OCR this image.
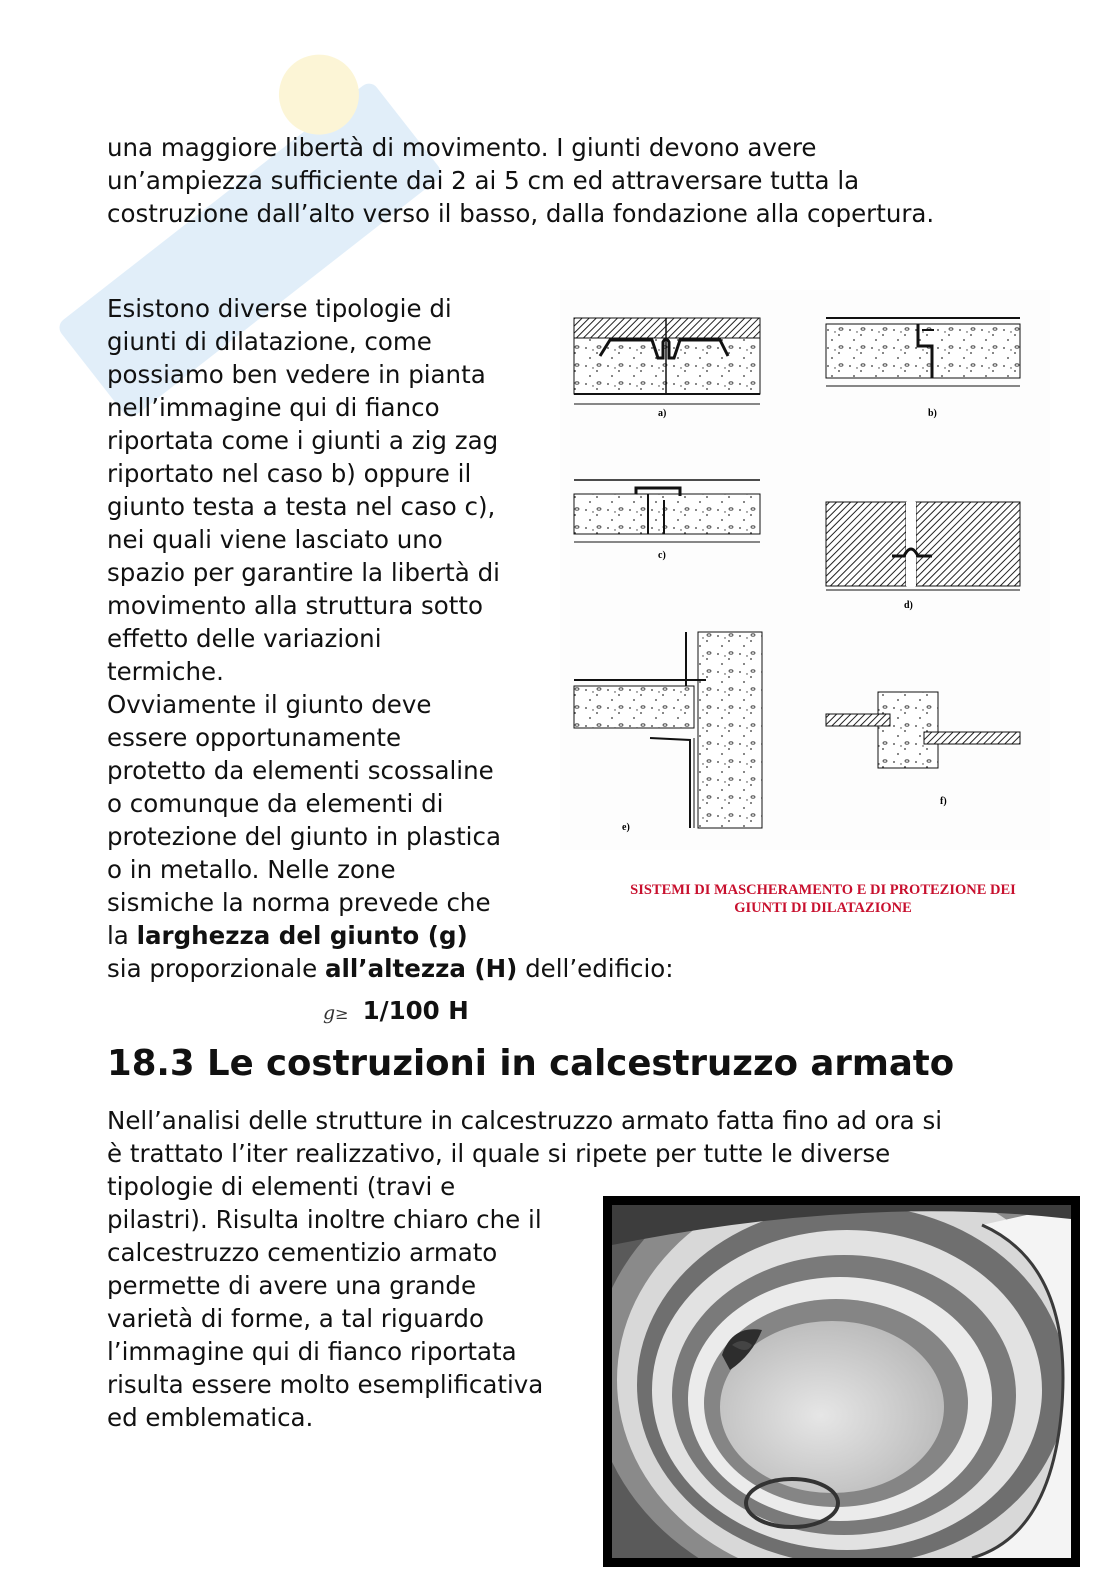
una maggiore libertà di movimento. I giunti devono avere

un’ampiezza sufficiente dai 2 ai 5 cm ed attraversare tutta la

costruzione dall’alto verso il basso, dalla fondazione alla copertura.

Esistono diverse tipologie di

giunti di dilatazione, come

possiamo ben vedere in pianta

nell’immagine qui di fianco

riportata come i giunti a zig zag

riportato nel caso b) oppure il

giunto testa a testa nel caso c),

nei quali viene lasciato uno

spazio per garantire la libertà di

movimento alla struttura sotto

effetto delle variazioni

termiche.

Ovviamente il giunto deve

essere opportunamente

protetto da elementi scossaline

o comunque da elementi di

protezione del giunto in plastica

o in metallo. Nelle zone

sismiche la norma prevede che

la larghezza del giunto (g)

sia proporzionale all’altezza (H) dell’edificio:

g≥ 1/100 H
a)	b)
c)
d)
e)
f)

SISTEMI DI MASCHERAMENTO E DI PROTEZIONE DEI
GIUNTI DI DILATAZIONE

18.3 Le costruzioni in calcestruzzo armato

Nell’analisi delle strutture in calcestruzzo armato fatta fino ad ora si

è trattato l’iter realizzativo, il quale si ripete per tutte le diverse

tipologie di elementi (travi e

pilastri). Risulta inoltre chiaro che il

calcestruzzo cementizio armato

permette di avere una grande

varietà di forme, a tal riguardo

l’immagine qui di fianco riportata

risulta essere molto esemplificativa

ed emblematica.
